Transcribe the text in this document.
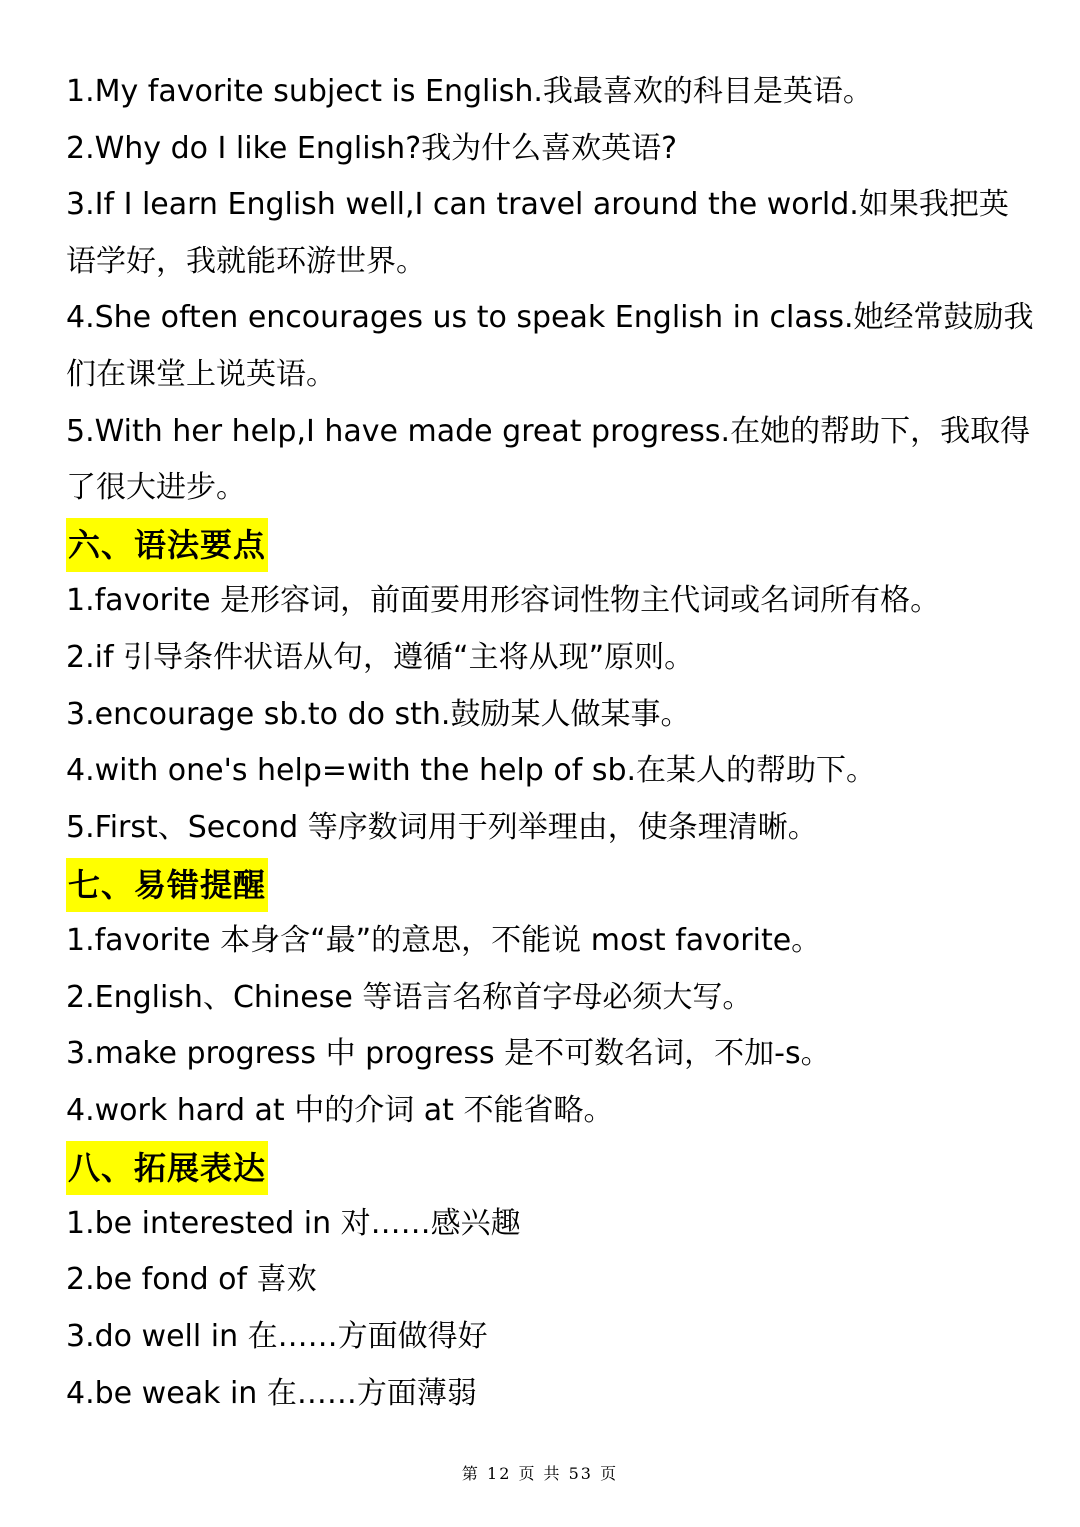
1.My favorite subject is English.我最喜欢的科目是英语。

2.Why do I like English?我为什么喜欢英语?

3.If I learn English well,I can travel around the world.如果我把英语学好，我就能环游世界。

4.She often encourages us to speak English in class.她经常鼓励我们在课堂上说英语。

5.With her help,I have made great progress.在她的帮助下，我取得了很大进步。

六、语法要点

1.favorite 是形容词，前面要用形容词性物主代词或名词所有格。

2.if 引导条件状语从句，遵循“主将从现”原则。

3.encourage sb.to do sth.鼓励某人做某事。

4.with one's help=with the help of sb.在某人的帮助下。

5.First、Second 等序数词用于列举理由，使条理清晰。

七、易错提醒

1.favorite 本身含“最”的意思，不能说 most favorite。

2.English、Chinese 等语言名称首字母必须大写。

3.make progress 中 progress 是不可数名词，不加-s。

4.work hard at 中的介词 at 不能省略。

八、拓展表达

1.be interested in 对……感兴趣

2.be fond of 喜欢

3.do well in 在……方面做得好

4.be weak in 在……方面薄弱

第 12 页 共 53 页
